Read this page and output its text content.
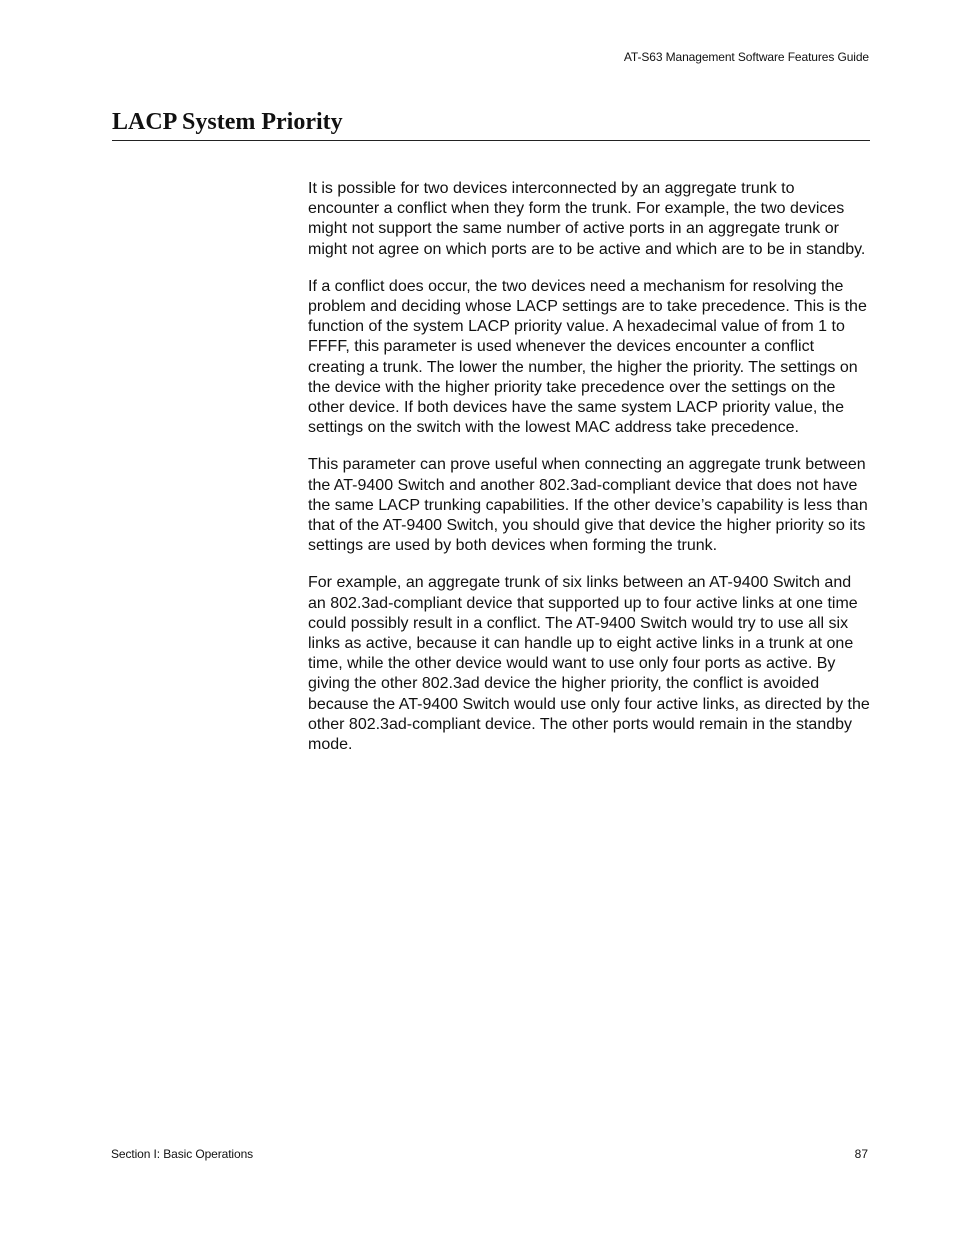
AT-S63 Management Software Features Guide
LACP System Priority

It is possible for two devices interconnected by an aggregate trunk to encounter a conflict when they form the trunk. For example, the two devices might not support the same number of active ports in an aggregate trunk or might not agree on which ports are to be active and which are to be in standby.

If a conflict does occur, the two devices need a mechanism for resolving the problem and deciding whose LACP settings are to take precedence. This is the function of the system LACP priority value. A hexadecimal value of from 1 to FFFF, this parameter is used whenever the devices encounter a conflict creating a trunk. The lower the number, the higher the priority. The settings on the device with the higher priority take precedence over the settings on the other device. If both devices have the same system LACP priority value, the settings on the switch with the lowest MAC address take precedence.

This parameter can prove useful when connecting an aggregate trunk between the AT-9400 Switch and another 802.3ad-compliant device that does not have the same LACP trunking capabilities. If the other device’s capability is less than that of the AT-9400 Switch, you should give that device the higher priority so its settings are used by both devices when forming the trunk.

For example, an aggregate trunk of six links between an AT-9400 Switch and an 802.3ad-compliant device that supported up to four active links at one time could possibly result in a conflict. The AT-9400 Switch would try to use all six links as active, because it can handle up to eight active links in a trunk at one time, while the other device would want to use only four ports as active. By giving the other 802.3ad device the higher priority, the conflict is avoided because the AT-9400 Switch would use only four active links, as directed by the other 802.3ad-compliant device. The other ports would remain in the standby mode.

Section I: Basic Operations	87
